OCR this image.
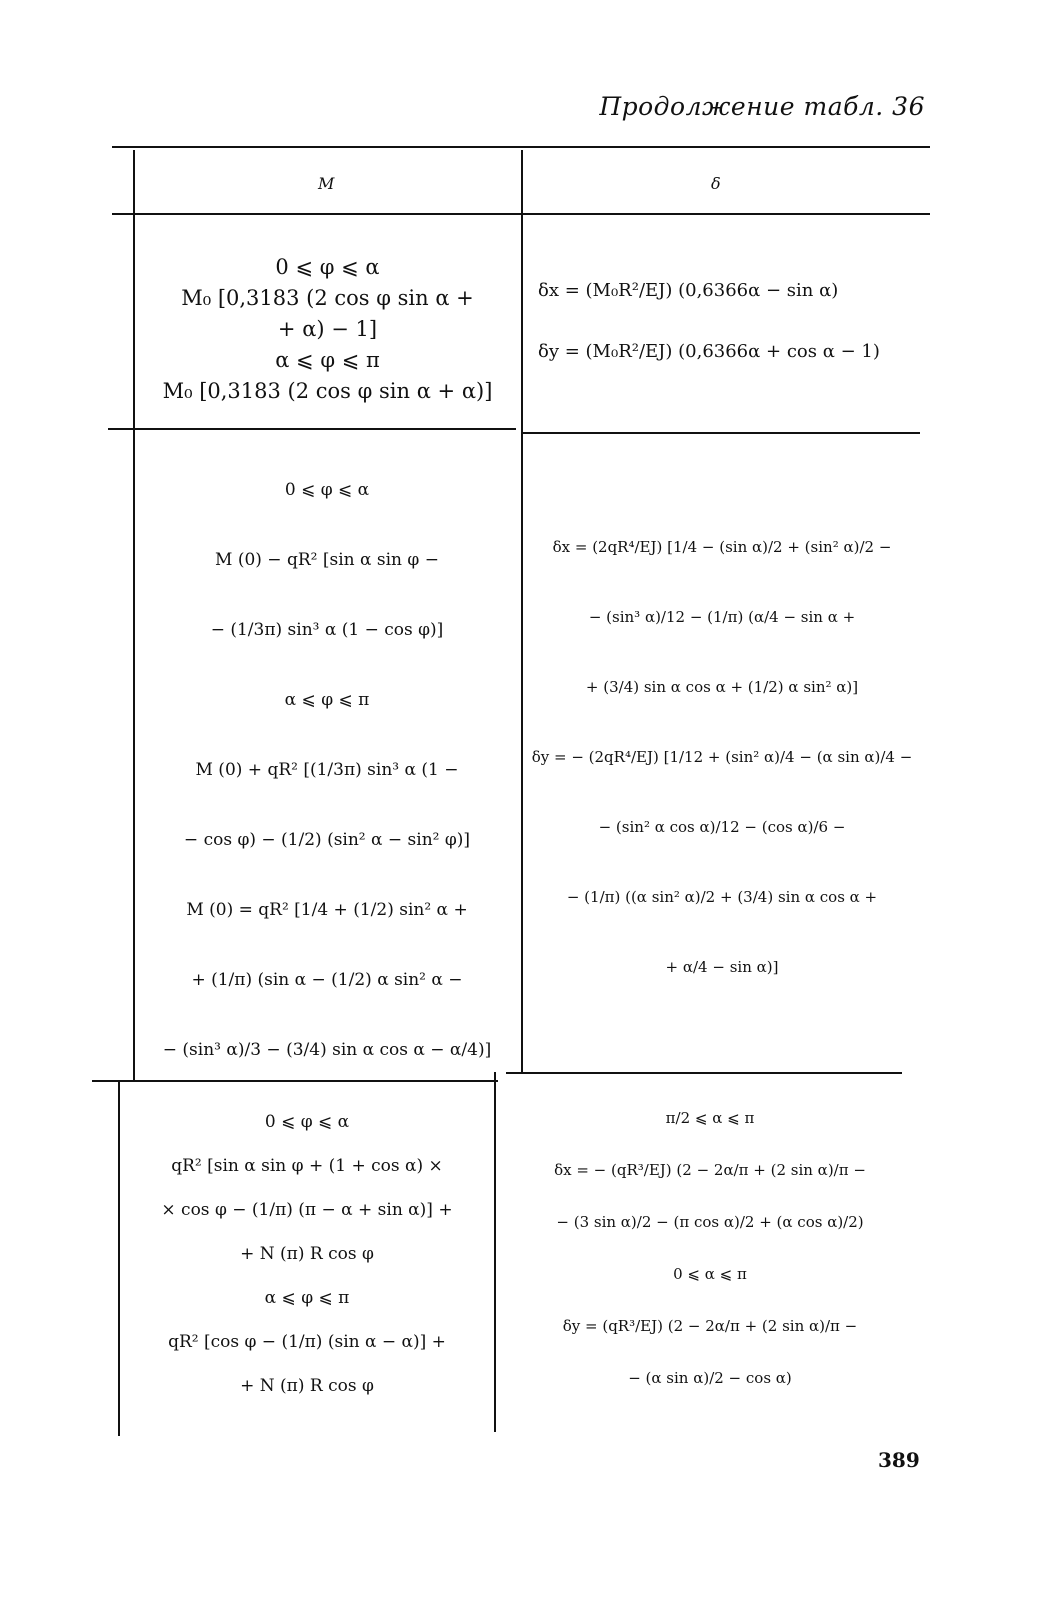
Продолжение табл. 36
М	δ
0 ⩽ φ ⩽ α
M₀ [0,3183 (2 cos φ sin α +
+ α) − 1]
α ⩽ φ ⩽ π
M₀ [0,3183 (2 cos φ sin α + α)]
δx = (M₀R²/EJ) (0,6366α − sin α)
δy = (M₀R²/EJ) (0,6366α + cos α − 1)
0 ⩽ φ ⩽ α
M (0) − qR² [sin α sin φ −
− (1/3π) sin³ α (1 − cos φ)]
α ⩽ φ ⩽ π
M (0) + qR² [(1/3π) sin³ α (1 −
− cos φ) − (1/2) (sin² α − sin² φ)]
M (0) = qR² [1/4 + (1/2) sin² α +
+ (1/π) (sin α − (1/2) α sin² α −
− (sin³ α)/3 − (3/4) sin α cos α − α/4)]
δx = (2qR⁴/EJ) [1/4 − (sin α)/2 + (sin² α)/2 −
− (sin³ α)/12 − (1/π) (α/4 − sin α +
+ (3/4) sin α cos α + (1/2) α sin² α)]
δy = − (2qR⁴/EJ) [1/12 + (sin² α)/4 − (α sin α)/4 −
− (sin² α cos α)/12 − (cos α)/6 −
− (1/π) ((α sin² α)/2 + (3/4) sin α cos α +
+ α/4 − sin α)]
0 ⩽ φ ⩽ α
qR² [sin α sin φ + (1 + cos α) ×
× cos φ − (1/π) (π − α + sin α)] +
+ N (π) R cos φ
α ⩽ φ ⩽ π
qR² [cos φ − (1/π) (sin α − α)] +
+ N (π) R cos φ
π/2 ⩽ α ⩽ π
δx = − (qR³/EJ) (2 − 2α/π + (2 sin α)/π −
− (3 sin α)/2 − (π cos α)/2 + (α cos α)/2)
0 ⩽ α ⩽ π
δy = (qR³/EJ) (2 − 2α/π + (2 sin α)/π −
− (α sin α)/2 − cos α)
389
